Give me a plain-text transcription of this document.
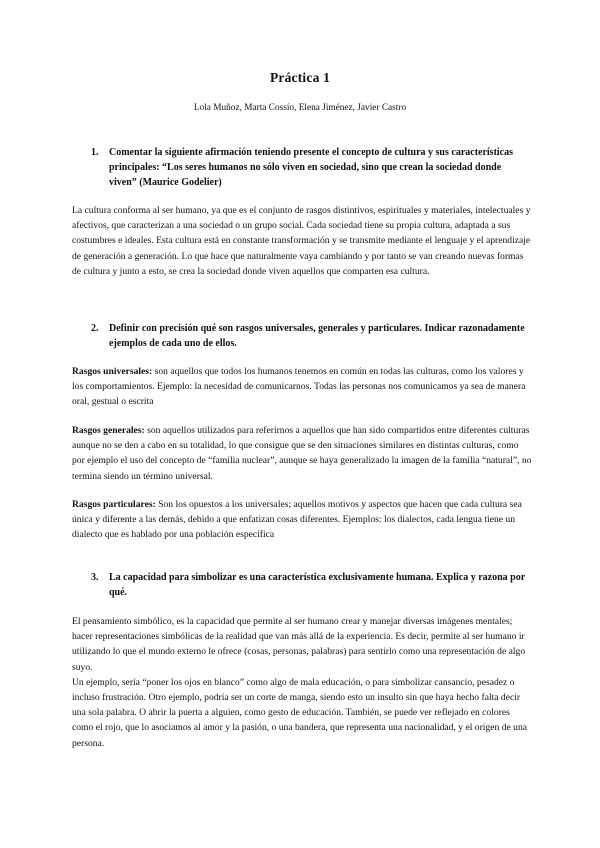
Práctica 1
Lola Muñoz, Marta Cossío, Elena Jiménez, Javier Castro
1. Comentar la siguiente afirmación teniendo presente el concepto de cultura y sus características principales: “Los seres humanos no sólo viven en sociedad, sino que crean la sociedad donde viven” (Maurice Godelier)

La cultura conforma al ser humano, ya que es el conjunto de rasgos distintivos, espirituales y materiales, intelectuales y afectivos, que caracterizan a una sociedad o un grupo social. Cada sociedad tiene su propia cultura, adaptada a sus costumbres e ideales. Esta cultura está en constante transformación y se transmite mediante el lenguaje y el aprendizaje de generación a generación. Lo que hace que naturalmente vaya cambiando y por tanto se van creando nuevas formas de cultura y junto a esto, se crea la sociedad donde viven aquellos que comparten esa cultura.

2. Definir con precisión qué son rasgos universales, generales y particulares. Indicar razonadamente ejemplos de cada uno de ellos.

Rasgos universales: son aquellos que todos los humanos tenemos en común en todas las culturas, como los valores y los comportamientos. Ejemplo: la necesidad de comunicarnos. Todas las personas nos comunicamos ya sea de manera oral, gestual o escrita

Rasgos generales: son aquellos utilizados para referirnos a aquellos que han sido compartidos entre diferentes culturas aunque no se den a cabo en su totalidad, lo que consigue que se den situaciones similares en distintas culturas, como por ejemplo el uso del concepto de “familia nuclear”, aunque se haya generalizado la imagen de la familia “natural”, no termina siendo un término universal.

Rasgos particulares: Son los opuestos a los universales; aquellos motivos y aspectos que hacen que cada cultura sea única y diferente a las demás, debido a que enfatizan cosas diferentes. Ejemplos: los dialectos, cada lengua tiene un dialecto que es hablado por una población específica

3. La capacidad para simbolizar es una característica exclusivamente humana. Explica y razona por qué.

El pensamiento simbólico, es la capacidad que permite al ser humano crear y manejar diversas imágenes mentales; hacer representaciones simbólicas de la realidad que van más allá de la experiencia. Es decir, permite al ser humano ir utilizando lo que el mundo externo le ofrece (cosas, personas, palabras) para sentirlo como una representación de algo suyo.

Un ejemplo, sería “poner los ojos en blanco” como algo de mala educación, o para simbolizar cansancio, pesadez o incluso frustración. Otro ejemplo, podría ser un corte de manga, siendo esto un insulto sin que haya hecho falta decir una sola palabra. O abrir la puerta a alguien, como gesto de educación. También, se puede ver reflejado en colores como el rojo, que lo asociamos al amor y la pasión, o una bandera, que representa una nacionalidad, y el origen de una persona.
